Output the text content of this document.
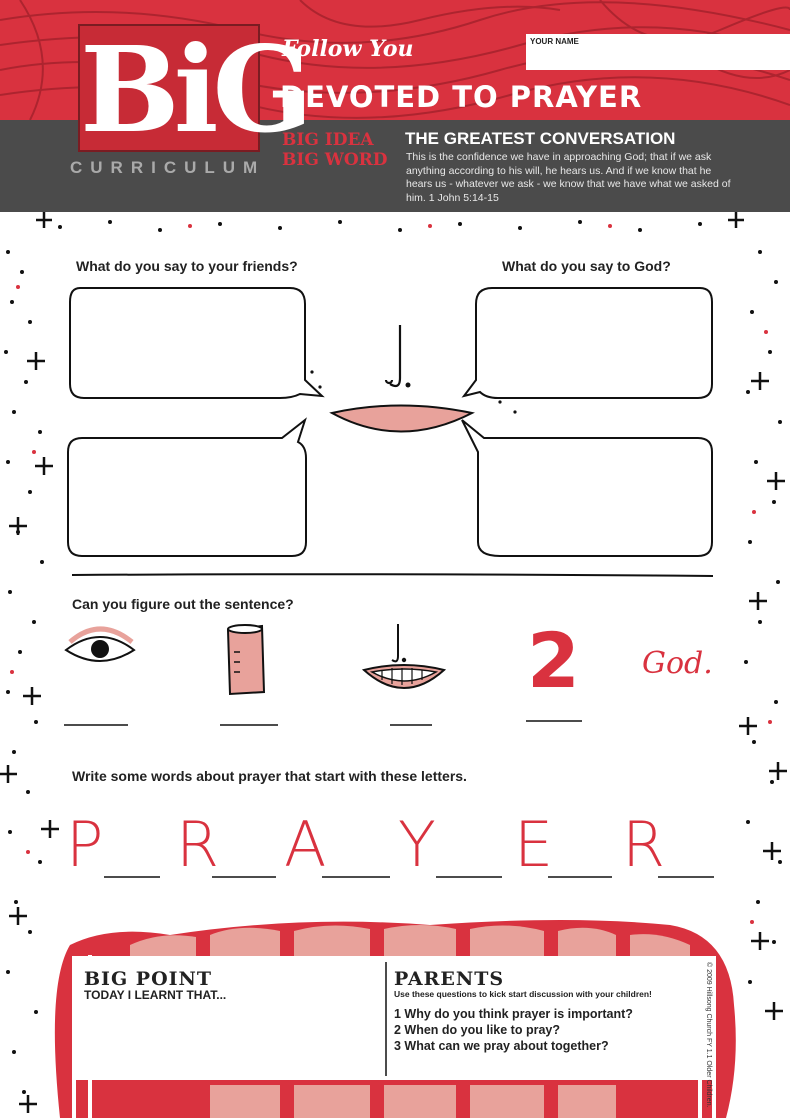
BiG
CURRICULUM
Follow You
DEVOTED TO PRAYER
YOUR NAME
BIG IDEA
BIG WORD
THE GREATEST CONVERSATION
This is the confidence we have in approaching God; that if we ask anything according to his will, he hears us. And if we know that he hears us - whatever we ask - we know that we have what we asked of him. 1 John 5:14-15
What do you say to your friends?	What do you say to God?
Can you figure out the sentence?
2 God.
Write some words about prayer that start with these letters.
P R A Y E R
BIG POINT
TODAY I LEARNT THAT...
PARENTS
Use these questions to kick start discussion with your children!
1 Why do you think prayer is important?
2 When do you like to pray?
3 What can we pray about together?	© 2009 Hillsong Church FY 1.1 Older Children.
